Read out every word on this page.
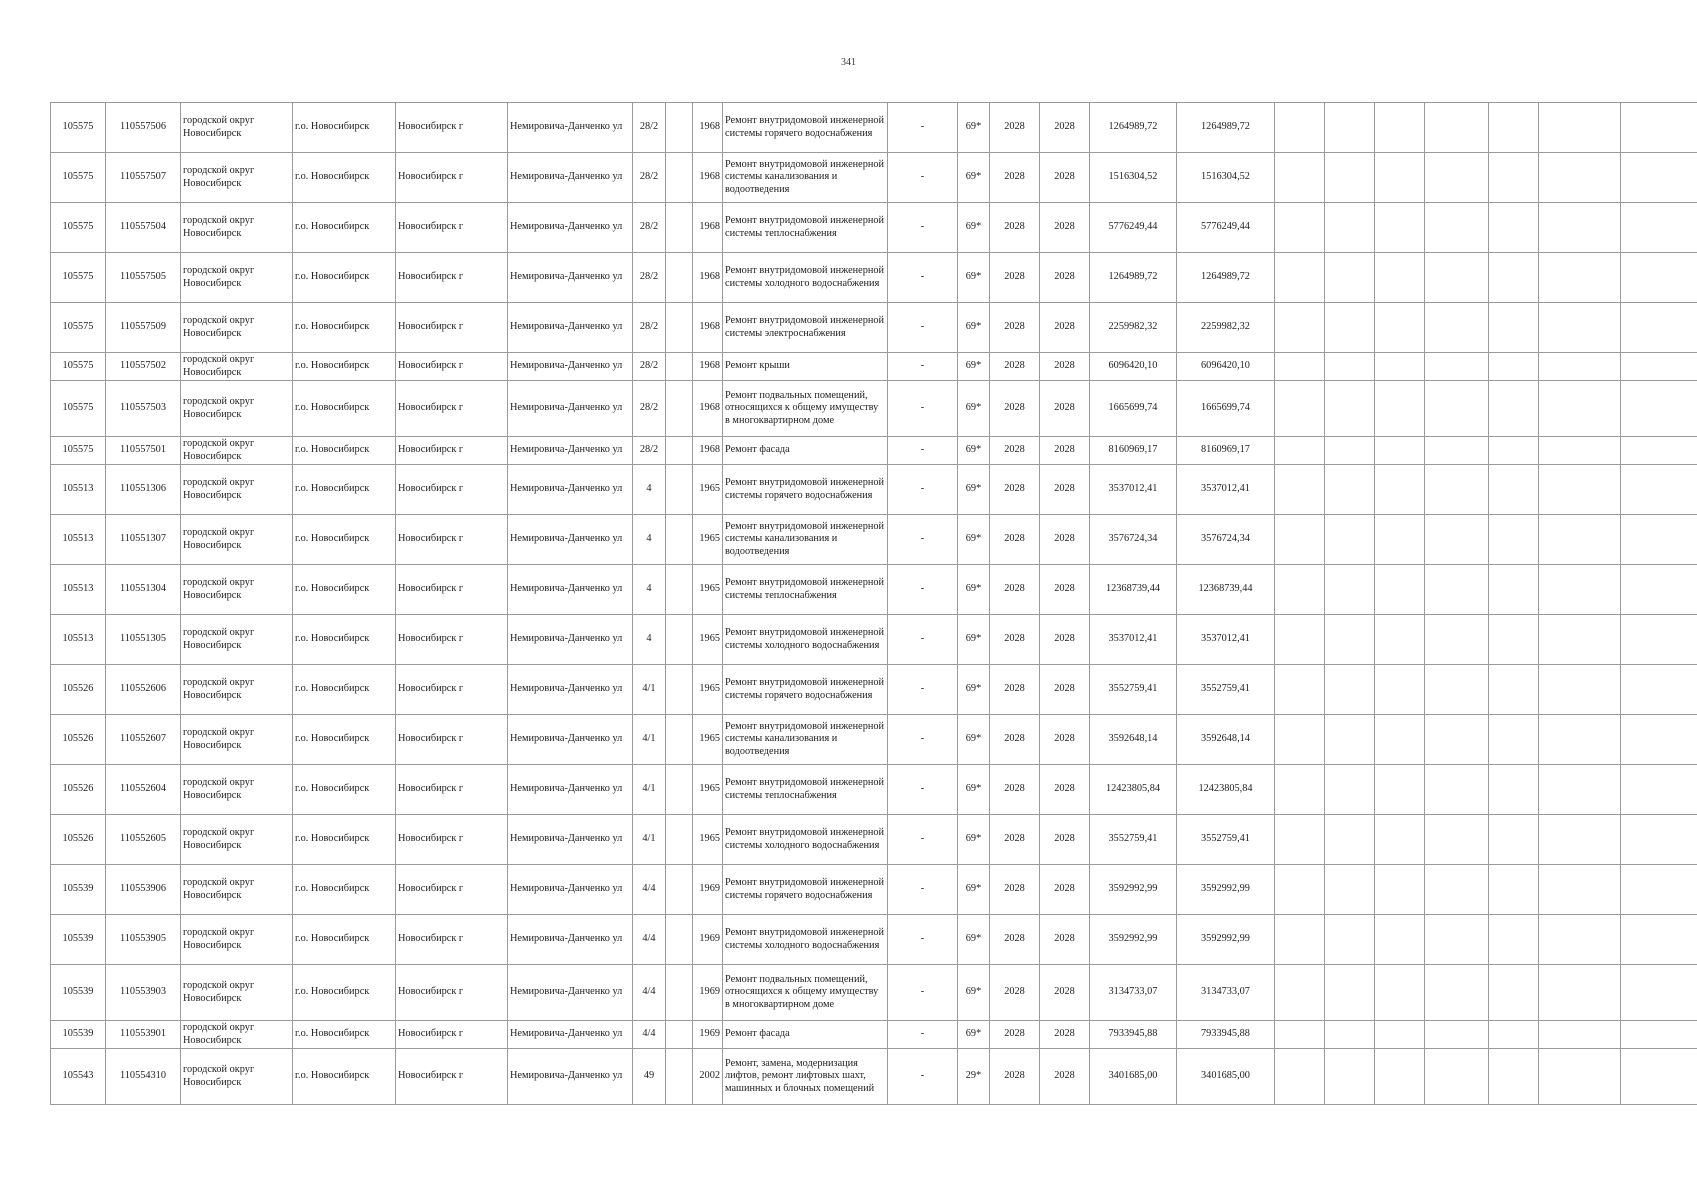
341
105575	110557506	городской округ Новосибирск	г.о. Новосибирск	Новосибирск г	Немировича-Данченко ул	28/2		1968	Ремонт внутридомовой инженерной системы горячего водоснабжения	-	69*	2028	2028	1264989,72	1264989,72							
105575	110557507	городской округ Новосибирск	г.о. Новосибирск	Новосибирск г	Немировича-Данченко ул	28/2		1968	Ремонт внутридомовой инженерной системы канализования и водоотведения	-	69*	2028	2028	1516304,52	1516304,52							
105575	110557504	городской округ Новосибирск	г.о. Новосибирск	Новосибирск г	Немировича-Данченко ул	28/2		1968	Ремонт внутридомовой инженерной системы теплоснабжения	-	69*	2028	2028	5776249,44	5776249,44							
105575	110557505	городской округ Новосибирск	г.о. Новосибирск	Новосибирск г	Немировича-Данченко ул	28/2		1968	Ремонт внутридомовой инженерной системы холодного водоснабжения	-	69*	2028	2028	1264989,72	1264989,72							
105575	110557509	городской округ Новосибирск	г.о. Новосибирск	Новосибирск г	Немировича-Данченко ул	28/2		1968	Ремонт внутридомовой инженерной системы электроснабжения	-	69*	2028	2028	2259982,32	2259982,32							
105575	110557502	городской округ Новосибирск	г.о. Новосибирск	Новосибирск г	Немировича-Данченко ул	28/2		1968	Ремонт крыши	-	69*	2028	2028	6096420,10	6096420,10							
105575	110557503	городской округ Новосибирск	г.о. Новосибирск	Новосибирск г	Немировича-Данченко ул	28/2		1968	Ремонт подвальных помещений, относящихся к общему имуществу в многоквартирном доме	-	69*	2028	2028	1665699,74	1665699,74							
105575	110557501	городской округ Новосибирск	г.о. Новосибирск	Новосибирск г	Немировича-Данченко ул	28/2		1968	Ремонт фасада	-	69*	2028	2028	8160969,17	8160969,17							
105513	110551306	городской округ Новосибирск	г.о. Новосибирск	Новосибирск г	Немировича-Данченко ул	4		1965	Ремонт внутридомовой инженерной системы горячего водоснабжения	-	69*	2028	2028	3537012,41	3537012,41							
105513	110551307	городской округ Новосибирск	г.о. Новосибирск	Новосибирск г	Немировича-Данченко ул	4		1965	Ремонт внутридомовой инженерной системы канализования и водоотведения	-	69*	2028	2028	3576724,34	3576724,34							
105513	110551304	городской округ Новосибирск	г.о. Новосибирск	Новосибирск г	Немировича-Данченко ул	4		1965	Ремонт внутридомовой инженерной системы теплоснабжения	-	69*	2028	2028	12368739,44	12368739,44							
105513	110551305	городской округ Новосибирск	г.о. Новосибирск	Новосибирск г	Немировича-Данченко ул	4		1965	Ремонт внутридомовой инженерной системы холодного водоснабжения	-	69*	2028	2028	3537012,41	3537012,41							
105526	110552606	городской округ Новосибирск	г.о. Новосибирск	Новосибирск г	Немировича-Данченко ул	4/1		1965	Ремонт внутридомовой инженерной системы горячего водоснабжения	-	69*	2028	2028	3552759,41	3552759,41							
105526	110552607	городской округ Новосибирск	г.о. Новосибирск	Новосибирск г	Немировича-Данченко ул	4/1		1965	Ремонт внутридомовой инженерной системы канализования и водоотведения	-	69*	2028	2028	3592648,14	3592648,14							
105526	110552604	городской округ Новосибирск	г.о. Новосибирск	Новосибирск г	Немировича-Данченко ул	4/1		1965	Ремонт внутридомовой инженерной системы теплоснабжения	-	69*	2028	2028	12423805,84	12423805,84							
105526	110552605	городской округ Новосибирск	г.о. Новосибирск	Новосибирск г	Немировича-Данченко ул	4/1		1965	Ремонт внутридомовой инженерной системы холодного водоснабжения	-	69*	2028	2028	3552759,41	3552759,41							
105539	110553906	городской округ Новосибирск	г.о. Новосибирск	Новосибирск г	Немировича-Данченко ул	4/4		1969	Ремонт внутридомовой инженерной системы горячего водоснабжения	-	69*	2028	2028	3592992,99	3592992,99							
105539	110553905	городской округ Новосибирск	г.о. Новосибирск	Новосибирск г	Немировича-Данченко ул	4/4		1969	Ремонт внутридомовой инженерной системы холодного водоснабжения	-	69*	2028	2028	3592992,99	3592992,99							
105539	110553903	городской округ Новосибирск	г.о. Новосибирск	Новосибирск г	Немировича-Данченко ул	4/4		1969	Ремонт подвальных помещений, относящихся к общему имуществу в многоквартирном доме	-	69*	2028	2028	3134733,07	3134733,07							
105539	110553901	городской округ Новосибирск	г.о. Новосибирск	Новосибирск г	Немировича-Данченко ул	4/4		1969	Ремонт фасада	-	69*	2028	2028	7933945,88	7933945,88							
105543	110554310	городской округ Новосибирск	г.о. Новосибирск	Новосибирск г	Немировича-Данченко ул	49		2002	Ремонт, замена, модернизация лифтов, ремонт лифтовых шахт, машинных и блочных помещений	-	29*	2028	2028	3401685,00	3401685,00							
